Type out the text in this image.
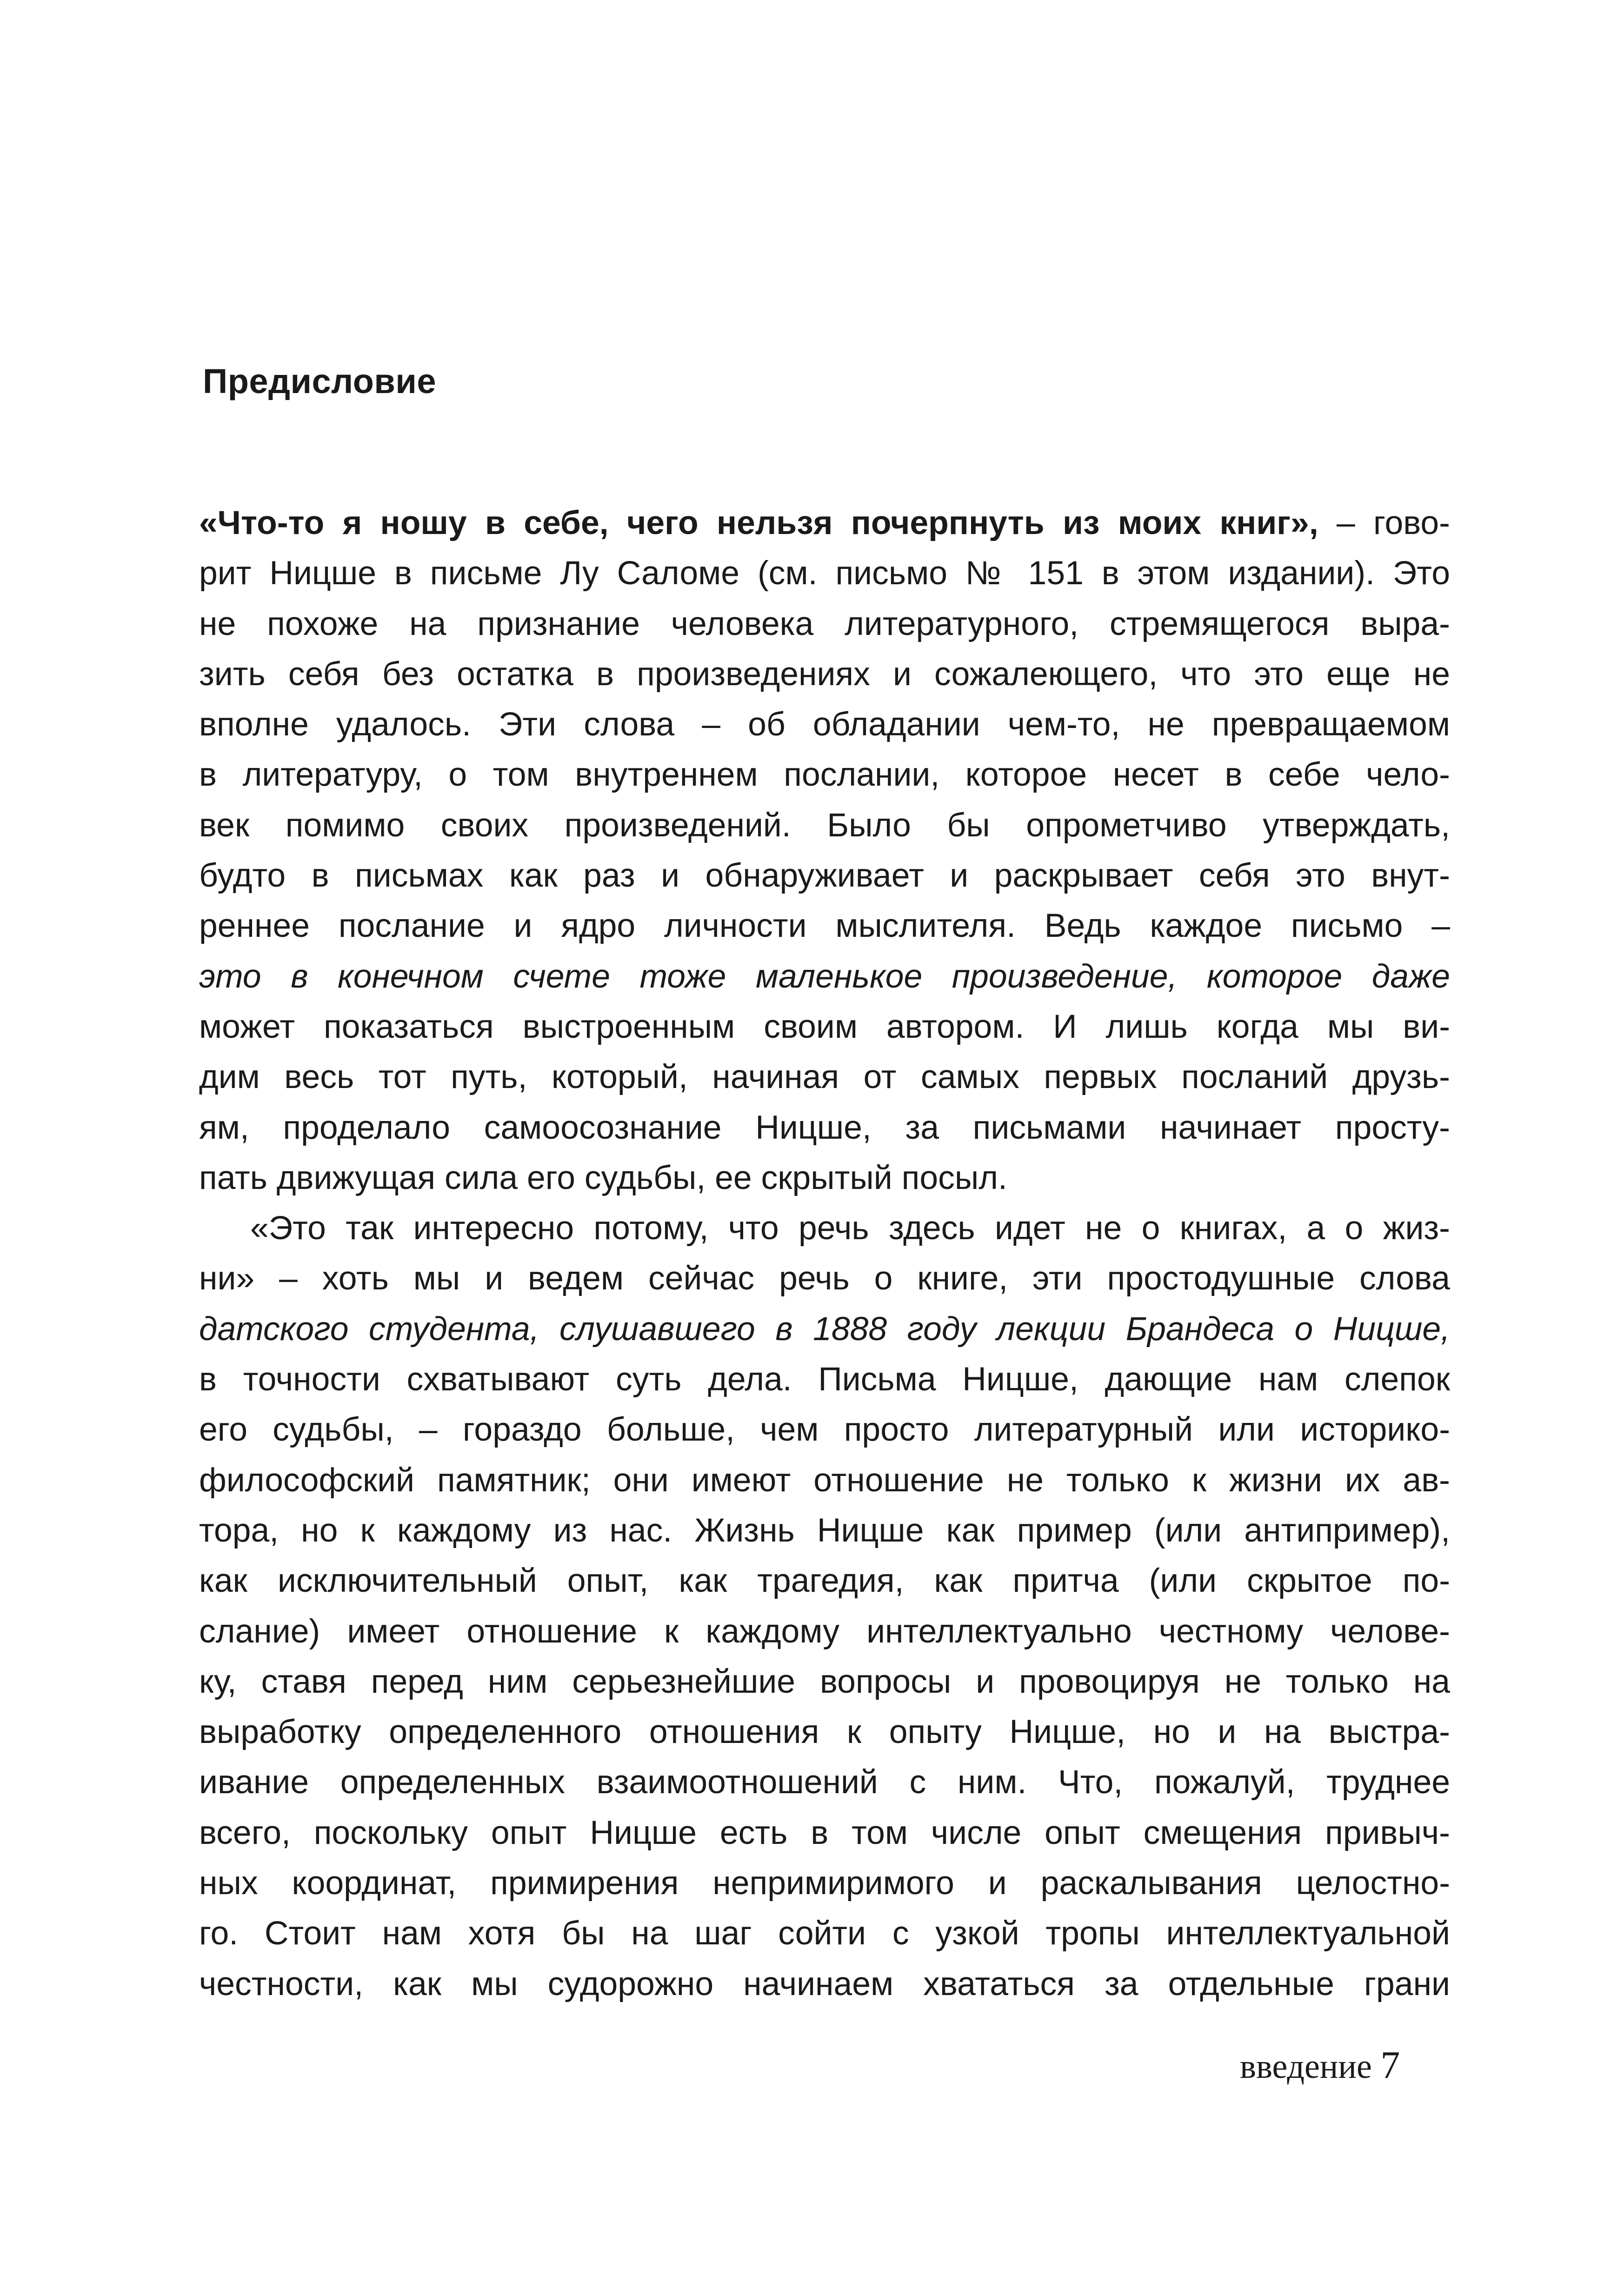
Предисловие
«Что-то я ношу в себе, чего нельзя почерпнуть из моих книг», – гово-
рит Ницше в письме Лу Саломе (см. письмо № 151 в этом издании). Это
не похоже на признание человека литературного, стремящегося выра-
зить себя без остатка в произведениях и сожалеющего, что это еще не
вполне удалось. Эти слова – об обладании чем-то, не превращаемом
в литературу, о том внутреннем послании, которое несет в себе чело-
век помимо своих произведений. Было бы опрометчиво утверждать,
будто в письмах как раз и обнаруживает и раскрывает себя это внут-
реннее послание и ядро личности мыслителя. Ведь каждое письмо –
это в конечном счете тоже маленькое произведение, которое даже
может показаться выстроенным своим автором. И лишь когда мы ви-
дим весь тот путь, который, начиная от самых первых посланий друзь-
ям, проделало самоосознание Ницше, за письмами начинает просту-
пать движущая сила его судьбы, ее скрытый посыл.
«Это так интересно потому, что речь здесь идет не о книгах, а о жиз-
ни» – хоть мы и ведем сейчас речь о книге, эти простодушные слова
датского студента, слушавшего в 1888 году лекции Брандеса о Ницше,
в точности схватывают суть дела. Письма Ницше, дающие нам слепок
его судьбы, – гораздо больше, чем просто литературный или историко-
философский памятник; они имеют отношение не только к жизни их ав-
тора, но к каждому из нас. Жизнь Ницше как пример (или антипример),
как исключительный опыт, как трагедия, как притча (или скрытое по-
слание) имеет отношение к каждому интеллектуально честному челове-
ку, ставя перед ним серьезнейшие вопросы и провоцируя не только на
выработку определенного отношения к опыту Ницше, но и на выстра-
ивание определенных взаимоотношений с ним. Что, пожалуй, труднее
всего, поскольку опыт Ницше есть в том числе опыт смещения привыч-
ных координат, примирения непримиримого и раскалывания целостно-
го. Стоит нам хотя бы на шаг сойти с узкой тропы интеллектуальной
честности, как мы судорожно начинаем хвататься за отдельные грани
введение 7
